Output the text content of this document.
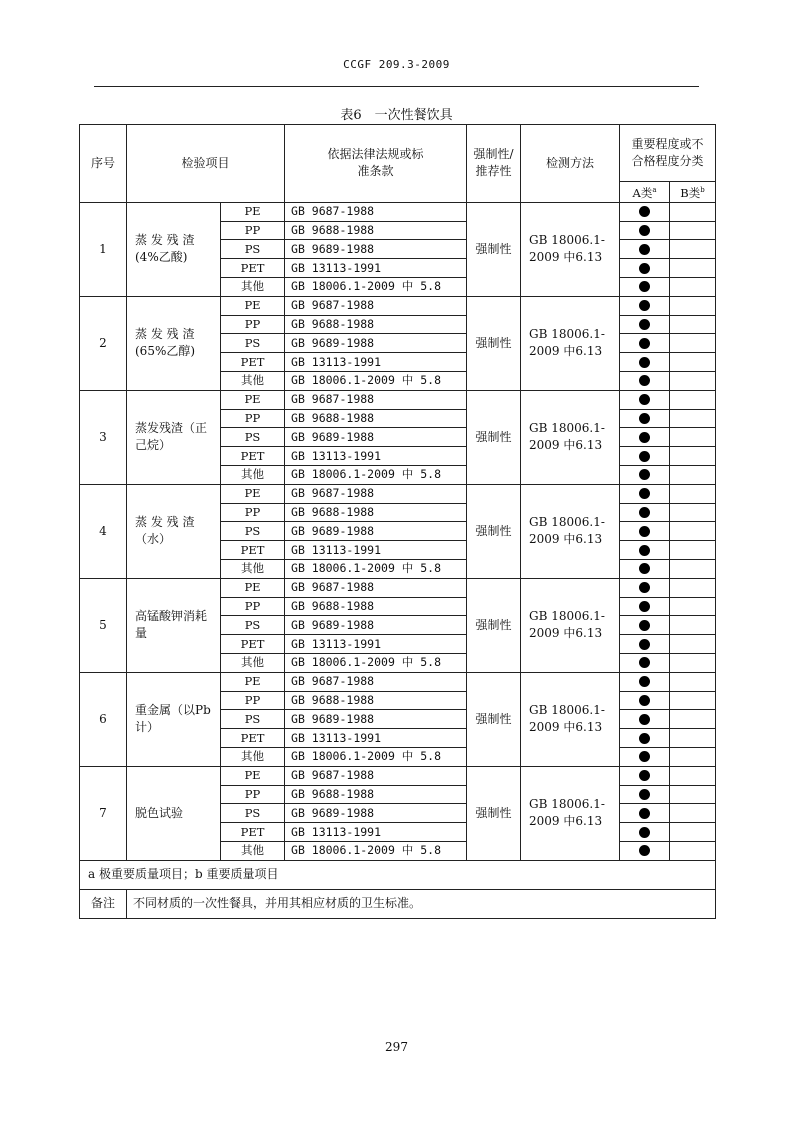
CCGF 209.3-2009
表6　一次性餐饮具
序号	检验项目		依据法律法规或标准条款	强制性/推荐性	检测方法	重要程度或不合格程度分类	
						A类$^a$	B类$^b$
1	蒸 发 残 渣(4%乙酸)	PE	GB 9687-1988	强制性	GB 18006.1-2009 中6.13		
		PP	GB 9688-1988				
		PS	GB 9689-1988				
		PET	GB 13113-1991				
		其他	GB 18006.1-2009 中 5.8				
2	蒸 发 残 渣(65%乙醇)	PE	GB 9687-1988	强制性	GB 18006.1-2009 中6.13		
		PP	GB 9688-1988				
		PS	GB 9689-1988				
		PET	GB 13113-1991				
		其他	GB 18006.1-2009 中 5.8				
3	蒸发残渣（正己烷）	PE	GB 9687-1988	强制性	GB 18006.1-2009 中6.13		
		PP	GB 9688-1988				
		PS	GB 9689-1988				
		PET	GB 13113-1991				
		其他	GB 18006.1-2009 中 5.8				
4	蒸 发 残 渣（水）	PE	GB 9687-1988	强制性	GB 18006.1-2009 中6.13		
		PP	GB 9688-1988				
		PS	GB 9689-1988				
		PET	GB 13113-1991				
		其他	GB 18006.1-2009 中 5.8				
5	高锰酸钾消耗量	PE	GB 9687-1988	强制性	GB 18006.1-2009 中6.13		
		PP	GB 9688-1988				
		PS	GB 9689-1988				
		PET	GB 13113-1991				
		其他	GB 18006.1-2009 中 5.8				
6	重金属（以Pb计）	PE	GB 9687-1988	强制性	GB 18006.1-2009 中6.13		
		PP	GB 9688-1988				
		PS	GB 9689-1988				
		PET	GB 13113-1991				
		其他	GB 18006.1-2009 中 5.8				
7	脱色试验	PE	GB 9687-1988	强制性	GB 18006.1-2009 中6.13		
		PP	GB 9688-1988				
		PS	GB 9689-1988				
		PET	GB 13113-1991				
		其他	GB 18006.1-2009 中 5.8				
a 极重要质量项目；b 重要质量项目							
备注	不同材质的一次性餐具，并用其相应材质的卫生标准。						
297
